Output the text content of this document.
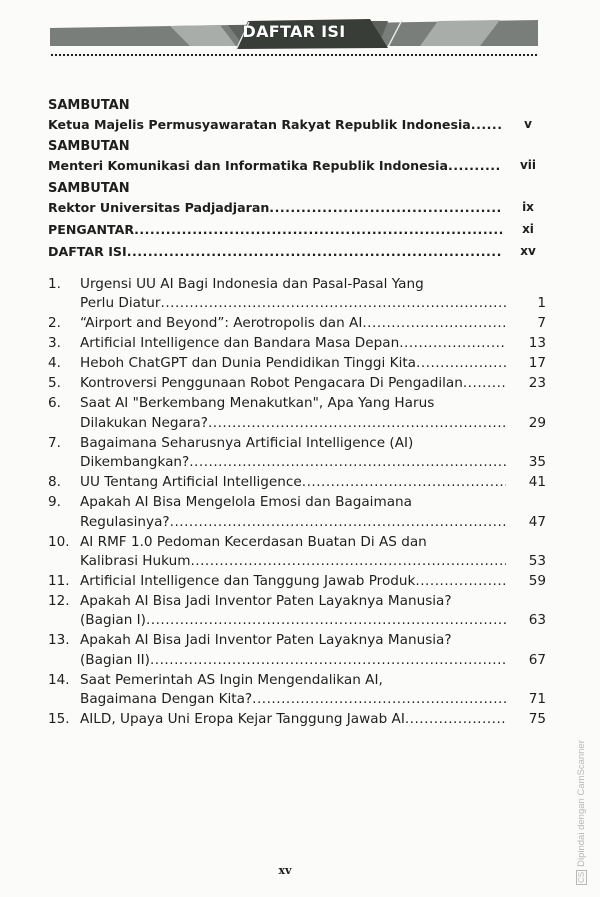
DAFTAR ISI
SAMBUTAN
Ketua Majelis Permusyawaratan Rakyat Republik Indonesia .....	v
SAMBUTAN
Menteri Komunikasi dan Informatika Republik Indonesia .....	vii
SAMBUTAN
Rektor Universitas Padjadjaran .....	ix
PENGANTAR .....	xi
DAFTAR ISI .....	xv
1. Urgensi UU AI Bagi Indonesia dan Pasal-Pasal Yang
Perlu Diatur .....	1
2. “Airport and Beyond”: Aerotropolis dan AI .....	7
3. Artificial Intelligence dan Bandara Masa Depan .....	13
4. Heboh ChatGPT dan Dunia Pendidikan Tinggi Kita .....	17
5. Kontroversi Penggunaan Robot Pengacara Di Pengadilan .....	23
6. Saat AI "Berkembang Menakutkan", Apa Yang Harus
Dilakukan Negara? .....	29
7. Bagaimana Seharusnya Artificial Intelligence (AI)
Dikembangkan? .....	35
8. UU Tentang Artificial Intelligence .....	41
9. Apakah AI Bisa Mengelola Emosi dan Bagaimana
Regulasinya? .....	47
10. AI RMF 1.0 Pedoman Kecerdasan Buatan Di AS dan
Kalibrasi Hukum .....	53
11. Artificial Intelligence dan Tanggung Jawab Produk .....	59
12. Apakah AI Bisa Jadi Inventor Paten Layaknya Manusia?
(Bagian I) .....	63
13. Apakah AI Bisa Jadi Inventor Paten Layaknya Manusia?
(Bagian II) .....	67
14. Saat Pemerintah AS Ingin Mengendalikan AI,
Bagaimana Dengan Kita? .....	71
15. AILD, Upaya Uni Eropa Kejar Tanggung Jawab AI .....	75
xv
CSDipindai dengan CamScanner
